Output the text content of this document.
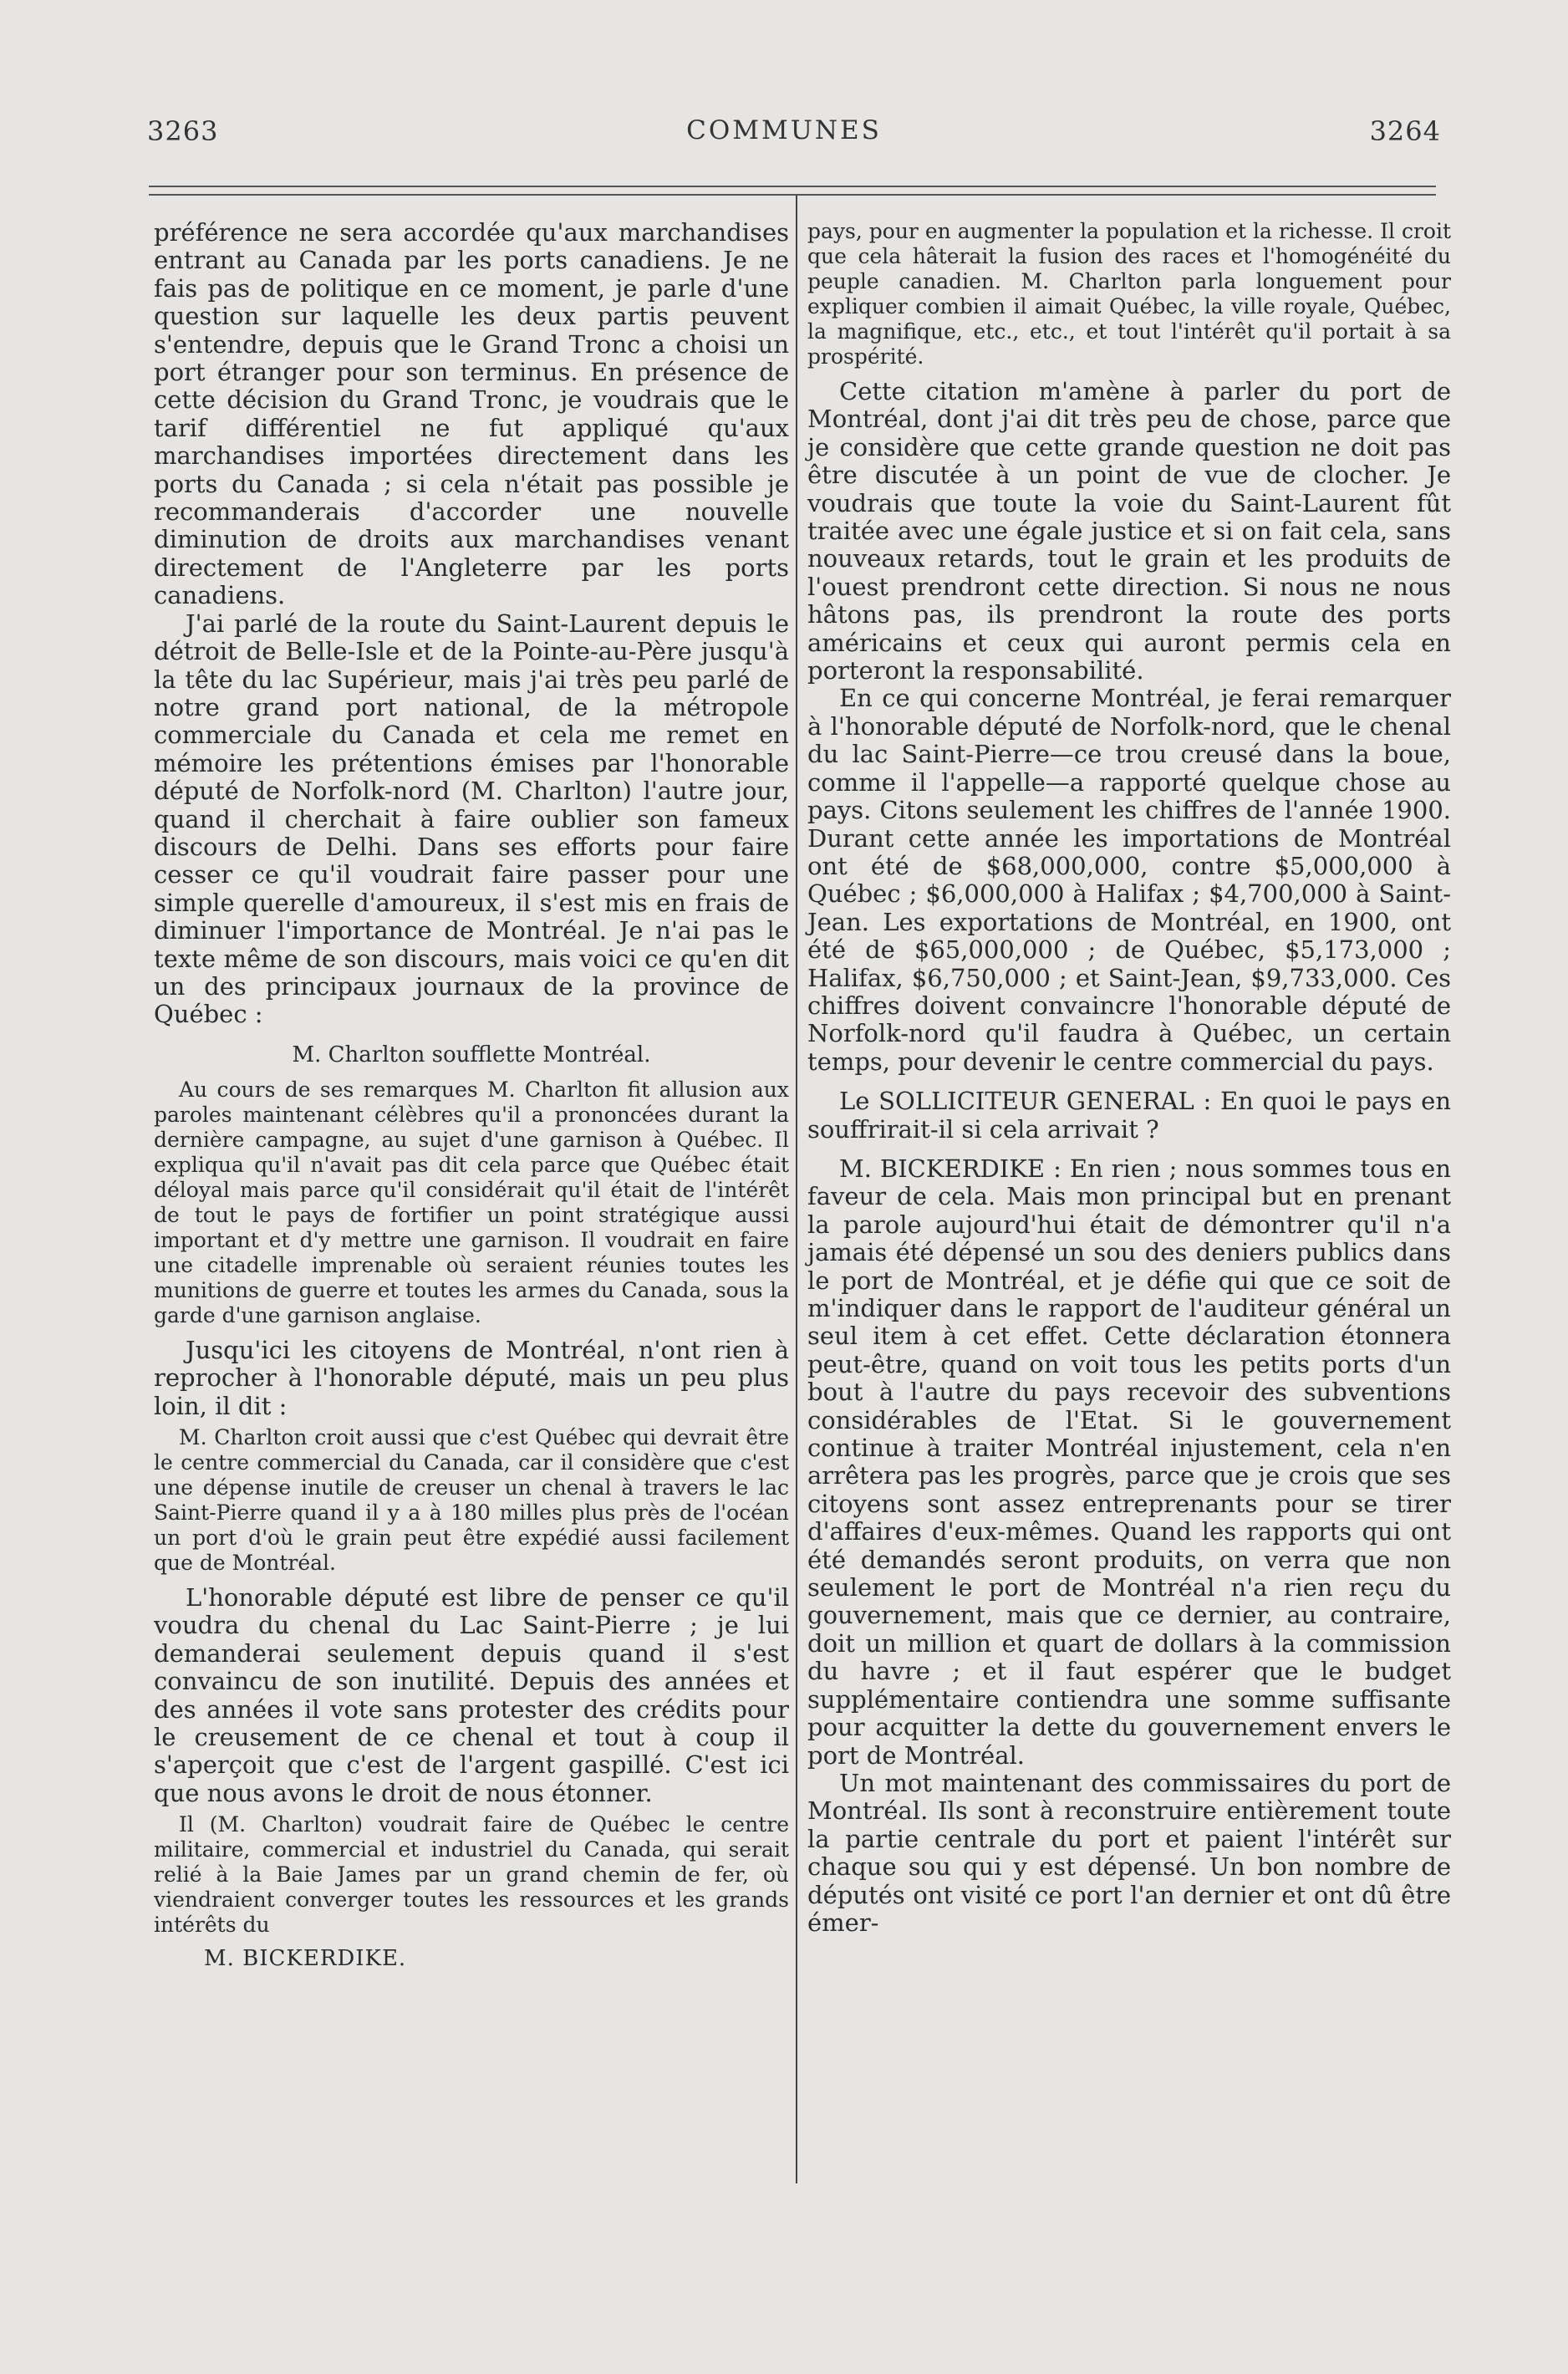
3263	COMMUNES	3264

préférence ne sera accordée qu'aux marchandises entrant au Canada par les ports canadiens. Je ne fais pas de politique en ce moment, je parle d'une question sur laquelle les deux partis peuvent s'entendre, depuis que le Grand Tronc a choisi un port étranger pour son terminus. En présence de cette décision du Grand Tronc, je voudrais que le tarif différentiel ne fut appliqué qu'aux marchandises importées directement dans les ports du Canada ; si cela n'était pas possible je recommanderais d'accorder une nouvelle diminution de droits aux marchandises venant directement de l'Angleterre par les ports canadiens.

J'ai parlé de la route du Saint-Laurent depuis le détroit de Belle-Isle et de la Pointe-au-Père jusqu'à la tête du lac Supérieur, mais j'ai très peu parlé de notre grand port national, de la métropole commerciale du Canada et cela me remet en mémoire les prétentions émises par l'honorable député de Norfolk-nord (M. Charlton) l'autre jour, quand il cherchait à faire oublier son fameux discours de Delhi. Dans ses efforts pour faire cesser ce qu'il voudrait faire passer pour une simple querelle d'amoureux, il s'est mis en frais de diminuer l'importance de Montréal. Je n'ai pas le texte même de son discours, mais voici ce qu'en dit un des principaux journaux de la province de Québec :

M. Charlton soufflette Montréal.

Au cours de ses remarques M. Charlton fit allusion aux paroles maintenant célèbres qu'il a prononcées durant la dernière campagne, au sujet d'une garnison à Québec. Il expliqua qu'il n'avait pas dit cela parce que Québec était déloyal mais parce qu'il considérait qu'il était de l'intérêt de tout le pays de fortifier un point stratégique aussi important et d'y mettre une garnison. Il voudrait en faire une citadelle imprenable où seraient réunies toutes les munitions de guerre et toutes les armes du Canada, sous la garde d'une garnison anglaise.

Jusqu'ici les citoyens de Montréal, n'ont rien à reprocher à l'honorable député, mais un peu plus loin, il dit :

M. Charlton croit aussi que c'est Québec qui devrait être le centre commercial du Canada, car il considère que c'est une dépense inutile de creuser un chenal à travers le lac Saint-Pierre quand il y a à 180 milles plus près de l'océan un port d'où le grain peut être expédié aussi facilement que de Montréal.

L'honorable député est libre de penser ce qu'il voudra du chenal du Lac Saint-Pierre ; je lui demanderai seulement depuis quand il s'est convaincu de son inutilité. Depuis des années et des années il vote sans protester des crédits pour le creusement de ce chenal et tout à coup il s'aperçoit que c'est de l'argent gaspillé. C'est ici que nous avons le droit de nous étonner.

Il (M. Charlton) voudrait faire de Québec le centre militaire, commercial et industriel du Canada, qui serait relié à la Baie James par un grand chemin de fer, où viendraient converger toutes les ressources et les grands intérêts du

M. BICKERDIKE.

pays, pour en augmenter la population et la richesse. Il croit que cela hâterait la fusion des races et l'homogénéité du peuple canadien. M. Charlton parla longuement pour expliquer combien il aimait Québec, la ville royale, Québec, la magnifique, etc., etc., et tout l'intérêt qu'il portait à sa prospérité.

Cette citation m'amène à parler du port de Montréal, dont j'ai dit très peu de chose, parce que je considère que cette grande question ne doit pas être discutée à un point de vue de clocher. Je voudrais que toute la voie du Saint-Laurent fût traitée avec une égale justice et si on fait cela, sans nouveaux retards, tout le grain et les produits de l'ouest prendront cette direction. Si nous ne nous hâtons pas, ils prendront la route des ports américains et ceux qui auront permis cela en porteront la responsabilité.

En ce qui concerne Montréal, je ferai remarquer à l'honorable député de Norfolk-nord, que le chenal du lac Saint-Pierre—ce trou creusé dans la boue, comme il l'appelle—a rapporté quelque chose au pays. Citons seulement les chiffres de l'année 1900. Durant cette année les importations de Montréal ont été de $68,000,000, contre $5,000,000 à Québec ; $6,000,000 à Halifax ; $4,700,000 à Saint-Jean. Les exportations de Montréal, en 1900, ont été de $65,000,000 ; de Québec, $5,173,000 ; Halifax, $6,750,000 ; et Saint-Jean, $9,733,000. Ces chiffres doivent convaincre l'honorable député de Norfolk-nord qu'il faudra à Québec, un certain temps, pour devenir le centre commercial du pays.

Le SOLLICITEUR GENERAL : En quoi le pays en souffrirait-il si cela arrivait ?

M. BICKERDIKE : En rien ; nous sommes tous en faveur de cela. Mais mon principal but en prenant la parole aujourd'hui était de démontrer qu'il n'a jamais été dépensé un sou des deniers publics dans le port de Montréal, et je défie qui que ce soit de m'indiquer dans le rapport de l'auditeur général un seul item à cet effet. Cette déclaration étonnera peut-être, quand on voit tous les petits ports d'un bout à l'autre du pays recevoir des subventions considérables de l'Etat. Si le gouvernement continue à traiter Montréal injustement, cela n'en arrêtera pas les progrès, parce que je crois que ses citoyens sont assez entreprenants pour se tirer d'affaires d'eux-mêmes. Quand les rapports qui ont été demandés seront produits, on verra que non seulement le port de Montréal n'a rien reçu du gouvernement, mais que ce dernier, au contraire, doit un million et quart de dollars à la commission du havre ; et il faut espérer que le budget supplémentaire contiendra une somme suffisante pour acquitter la dette du gouvernement envers le port de Montréal.

Un mot maintenant des commissaires du port de Montréal. Ils sont à reconstruire entièrement toute la partie centrale du port et paient l'intérêt sur chaque sou qui y est dépensé. Un bon nombre de députés ont visité ce port l'an dernier et ont dû être émer-
